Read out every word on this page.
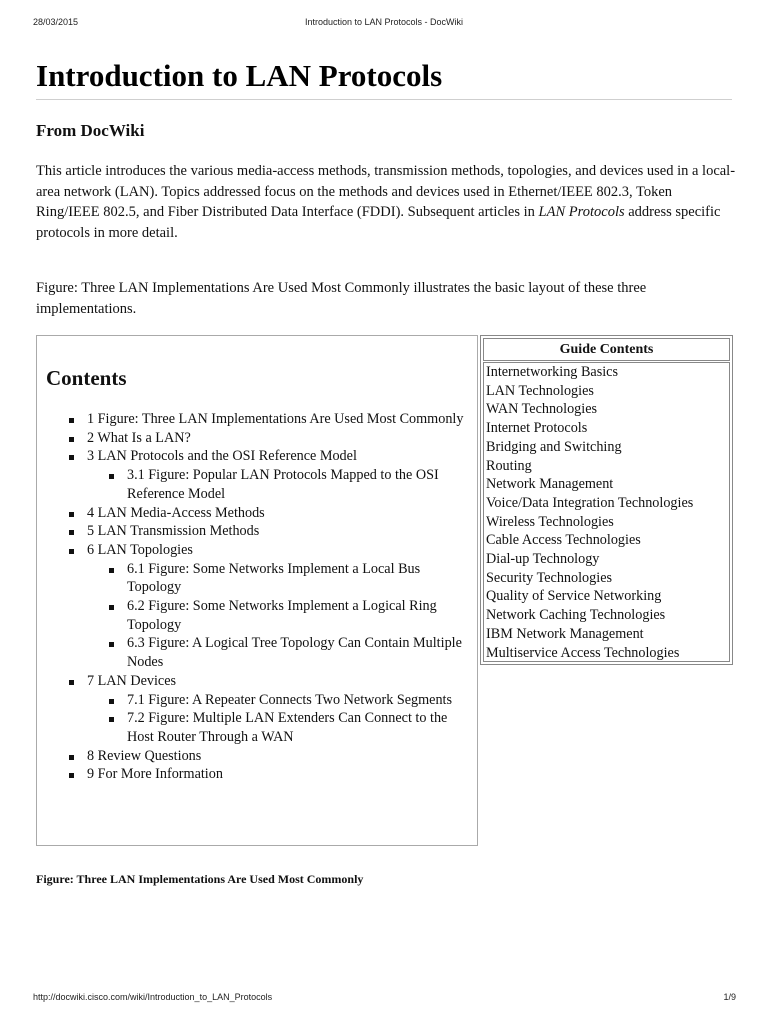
28/03/2015	Introduction to LAN Protocols - DocWiki
Introduction to LAN Protocols
From DocWiki

This article introduces the various media-access methods, transmission methods, topologies, and devices used in a local-area network (LAN). Topics addressed focus on the methods and devices used in Ethernet/IEEE 802.3, Token Ring/IEEE 802.5, and Fiber Distributed Data Interface (FDDI). Subsequent articles in LAN Protocols address specific protocols in more detail.

Figure: Three LAN Implementations Are Used Most Commonly illustrates the basic layout of these three implementations.

Contents
1 Figure: Three LAN Implementations Are Used Most Commonly
2 What Is a LAN?
3 LAN Protocols and the OSI Reference Model
3.1 Figure: Popular LAN Protocols Mapped to the OSI Reference Model
4 LAN Media-Access Methods
5 LAN Transmission Methods
6 LAN Topologies
6.1 Figure: Some Networks Implement a Local Bus Topology
6.2 Figure: Some Networks Implement a Logical Ring Topology
6.3 Figure: A Logical Tree Topology Can Contain Multiple Nodes
7 LAN Devices
7.1 Figure: A Repeater Connects Two Network Segments
7.2 Figure: Multiple LAN Extenders Can Connect to the Host Router Through a WAN
8 Review Questions
9 For More Information
Guide Contents
Internetworking Basics
LAN Technologies
WAN Technologies
Internet Protocols
Bridging and Switching
Routing
Network Management
Voice/Data Integration Technologies
Wireless Technologies
Cable Access Technologies
Dial-up Technology
Security Technologies
Quality of Service Networking
Network Caching Technologies
IBM Network Management
Multiservice Access Technologies

Figure: Three LAN Implementations Are Used Most Commonly

http://docwiki.cisco.com/wiki/Introduction_to_LAN_Protocols	1/9
